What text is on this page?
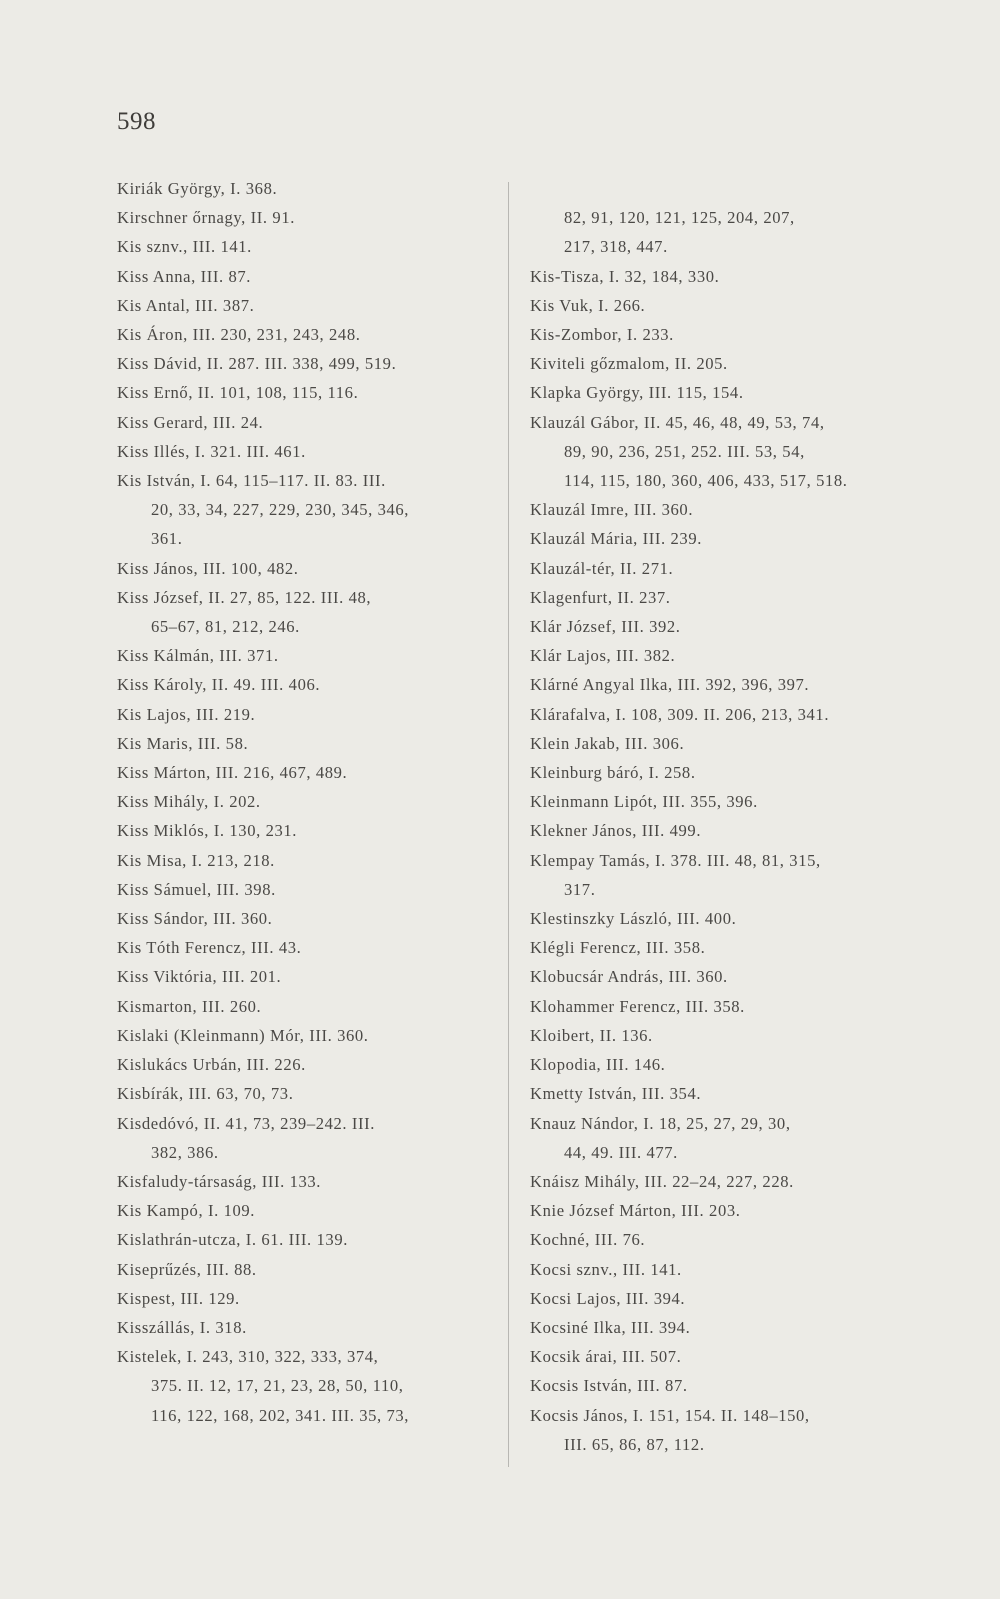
598

Kiriák György, I. 368.

Kirschner őrnagy, II. 91.

Kis sznv., III. 141.

Kiss Anna, III. 87.

Kis Antal, III. 387.

Kis Áron, III. 230, 231, 243, 248.

Kiss Dávid, II. 287. III. 338, 499, 519.

Kiss Ernő, II. 101, 108, 115, 116.

Kiss Gerard, III. 24.

Kiss Illés, I. 321. III. 461.

Kis István, I. 64, 115–117. II. 83. III.

20, 33, 34, 227, 229, 230, 345, 346,

361.

Kiss János, III. 100, 482.

Kiss József, II. 27, 85, 122. III. 48,

65–67, 81, 212, 246.

Kiss Kálmán, III. 371.

Kiss Károly, II. 49. III. 406.

Kis Lajos, III. 219.

Kis Maris, III. 58.

Kiss Márton, III. 216, 467, 489.

Kiss Mihály, I. 202.

Kiss Miklós, I. 130, 231.

Kis Misa, I. 213, 218.

Kiss Sámuel, III. 398.

Kiss Sándor, III. 360.

Kis Tóth Ferencz, III. 43.

Kiss Viktória, III. 201.

Kismarton, III. 260.

Kislaki (Kleinmann) Mór, III. 360.

Kislukács Urbán, III. 226.

Kisbírák, III. 63, 70, 73.

Kisdedóvó, II. 41, 73, 239–242. III.

382, 386.

Kisfaludy-társaság, III. 133.

Kis Kampó, I. 109.

Kislathrán-utcza, I. 61. III. 139.

Kiseprűzés, III. 88.

Kispest, III. 129.

Kisszállás, I. 318.

Kistelek, I. 243, 310, 322, 333, 374,

375. II. 12, 17, 21, 23, 28, 50, 110,

116, 122, 168, 202, 341. III. 35, 73,

82, 91, 120, 121, 125, 204, 207,

217, 318, 447.

Kis-Tisza, I. 32, 184, 330.

Kis Vuk, I. 266.

Kis-Zombor, I. 233.

Kiviteli gőzmalom, II. 205.

Klapka György, III. 115, 154.

Klauzál Gábor, II. 45, 46, 48, 49, 53, 74,

89, 90, 236, 251, 252. III. 53, 54,

114, 115, 180, 360, 406, 433, 517, 518.

Klauzál Imre, III. 360.

Klauzál Mária, III. 239.

Klauzál-tér, II. 271.

Klagenfurt, II. 237.

Klár József, III. 392.

Klár Lajos, III. 382.

Klárné Angyal Ilka, III. 392, 396, 397.

Klárafalva, I. 108, 309. II. 206, 213, 341.

Klein Jakab, III. 306.

Kleinburg báró, I. 258.

Kleinmann Lipót, III. 355, 396.

Klekner János, III. 499.

Klempay Tamás, I. 378. III. 48, 81, 315,

317.

Klestinszky László, III. 400.

Klégli Ferencz, III. 358.

Klobucsár András, III. 360.

Klohammer Ferencz, III. 358.

Kloibert, II. 136.

Klopodia, III. 146.

Kmetty István, III. 354.

Knauz Nándor, I. 18, 25, 27, 29, 30,

44, 49. III. 477.

Knáisz Mihály, III. 22–24, 227, 228.

Knie József Márton, III. 203.

Kochné, III. 76.

Kocsi sznv., III. 141.

Kocsi Lajos, III. 394.

Kocsiné Ilka, III. 394.

Kocsik árai, III. 507.

Kocsis István, III. 87.

Kocsis János, I. 151, 154. II. 148–150,

III. 65, 86, 87, 112.
